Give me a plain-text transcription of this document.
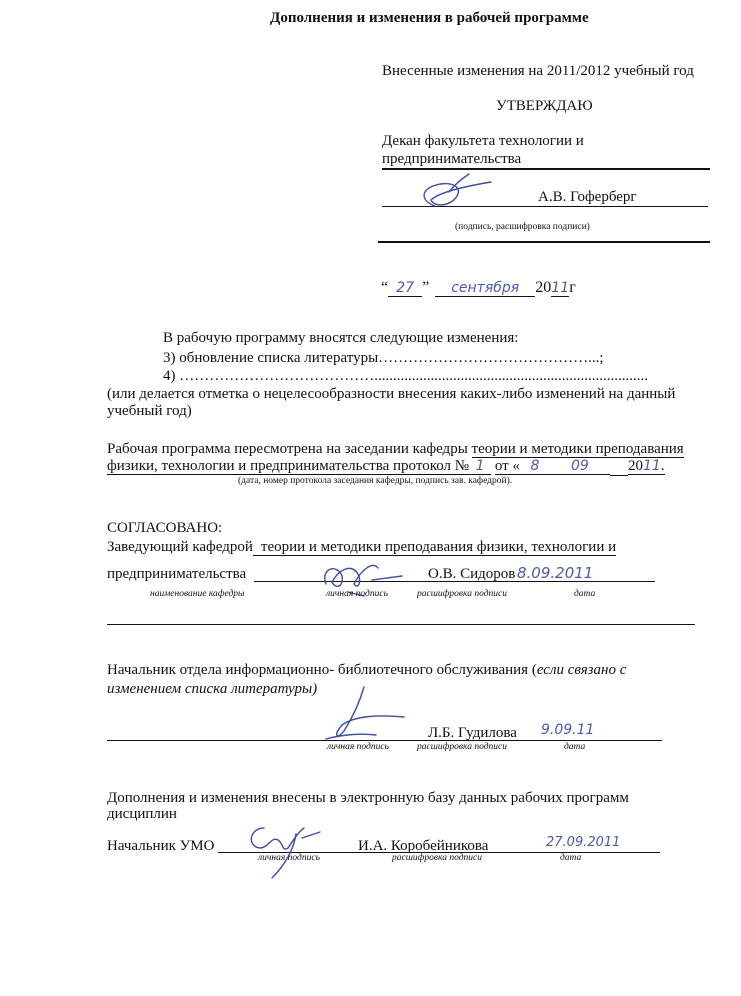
Дополнения и изменения в рабочей программе
Внесенные изменения на 2011/2012 учебный год
УТВЕРЖДАЮ
Декан факультета технологии и
предпринимательства
А.В. Гоферберг
(подпись, расшифровка подписи)
“ 27 ” сентября 2011г
В рабочую программу вносятся следующие изменения:
3) обновление списка литературы……………………………………...;
4) ………………………………….........................................................................
(или делается отметка о нецелесообразности внесения каких-либо изменений на данный
учебный год)
Рабочая программа пересмотрена на заседании кафедры теории и методики преподавания
физики, технологии и предпринимательства протокол № 1 от « 8 09	2011.
(дата, номер протокола заседания кафедры, подпись зав. кафедрой).
СОГЛАСОВАНО:
Заведующий кафедрой теории и методики преподавания физики, технологии и
предпринимательства	О.В. Сидоров 8.09.2011
наименование кафедры	личная подпись	расшифровка подписи	дата
Начальник отдела информационно- библиотечного обслуживания (если связано с
изменением списка литературы)
Л.Б. Гудилова 9.09.11
личная подпись	расшифровка подписи	дата
Дополнения и изменения внесены в электронную базу данных рабочих программ
дисциплин
Начальник УМО	И.А. Коробейникова	27.09.2011
личная подпись	расшифровка подписи	дата
